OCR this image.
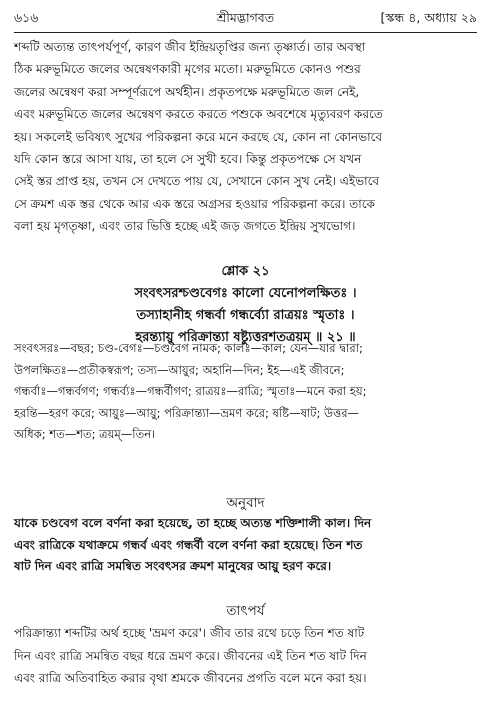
৬১৬	শ্রীমদ্ভাগবত	[স্কন্ধ ৪, অধ্যায় ২৯
শব্দটি অত্যন্ত তাৎপর্যপূর্ণ, কারণ জীব ইন্দ্রিয়তৃপ্তির জন্য তৃষ্ণার্ত। তার অবস্থা
ঠিক মরুভূমিতে জলের অন্বেষণকারী মৃগের মতো। মরুভূমিতে কোনও পশুর
জলের অন্বেষণ করা সম্পূর্ণরূপে অর্থহীন। প্রকৃতপক্ষে মরুভূমিতে জল নেই,
এবং মরুভূমিতে জলের অন্বেষণ করতে করতে পশুকে অবশেষে মৃত্যুবরণ করতে
হয়। সকলেই ভবিষ্যৎ সুখের পরিকল্পনা করে মনে করছে যে, কোন না কোনভাবে
যদি কোন স্তরে আসা যায়, তা হলে সে সুখী হবে। কিন্তু প্রকৃতপক্ষে সে যখন
সেই স্তর প্রাপ্ত হয়, তখন সে দেখতে পায় যে, সেখানে কোন সুখ নেই। এইভাবে
সে ক্রমশ এক স্তর থেকে আর এক স্তরে অগ্রসর হওয়ার পরিকল্পনা করে। তাকে
বলা হয় মৃগতৃষ্ণা, এবং তার ভিত্তি হচ্ছে এই জড় জগতে ইন্দ্রিয় সুখভোগ।
শ্লোক ২১
সংবৎসরশ্চণ্ডবেগঃ কালো যেনোপলক্ষিতঃ ।
তস্যাহানীহ গন্ধর্বা গন্ধর্ব্যো রাত্রয়ঃ স্মৃতাঃ ।
হরন্ত্যায়ু পরিক্রান্ত্যা ষষ্ট্যুত্তরশতত্রয়ম্ ॥ ২১ ॥
সংবৎসরঃ—বছর; চণ্ড-বেগঃ—চণ্ডবেগ নামক; কালঃ—কাল; যেন—যার দ্বারা;
উপলক্ষিতঃ—প্রতীকস্বরূপ; তস্য—আয়ুর; অহানি—দিন; ইহ—এই জীবনে;
গন্ধর্বাঃ—গন্ধর্বগণ; গন্ধর্ব্যঃ—গন্ধর্বীগণ; রাত্রয়ঃ—রাত্রি; স্মৃতাঃ—মনে করা হয়;
হরন্তি—হরণ করে; আয়ুঃ—আয়ু; পরিক্রান্ত্যা—ভ্রমণ করে; ষষ্টি—ষাট; উত্তর—
অধিক; শত—শত; ত্রয়ম্—তিন।
অনুবাদ
যাকে চণ্ডবেগ বলে বর্ণনা করা হয়েছে, তা হচ্ছে অত্যন্ত শক্তিশালী কাল। দিন
এবং রাত্রিকে যথাক্রমে গন্ধর্ব এবং গন্ধর্বী বলে বর্ণনা করা হয়েছে। তিন শত
ষাট দিন এবং রাত্রি সমন্বিত সংবৎসর ক্রমশ মানুষের আয়ু হরণ করে।
তাৎপর্য
পরিক্রান্ত্যা শব্দটির অর্থ হচ্ছে 'ভ্রমণ করে'। জীব তার রথে চড়ে তিন শত ষাট
দিন এবং রাত্রি সমন্বিত বছর ধরে ভ্রমণ করে। জীবনের এই তিন শত ষাট দিন
এবং রাত্রি অতিবাহিত করার বৃথা শ্রমকে জীবনের প্রগতি বলে মনে করা হয়।
